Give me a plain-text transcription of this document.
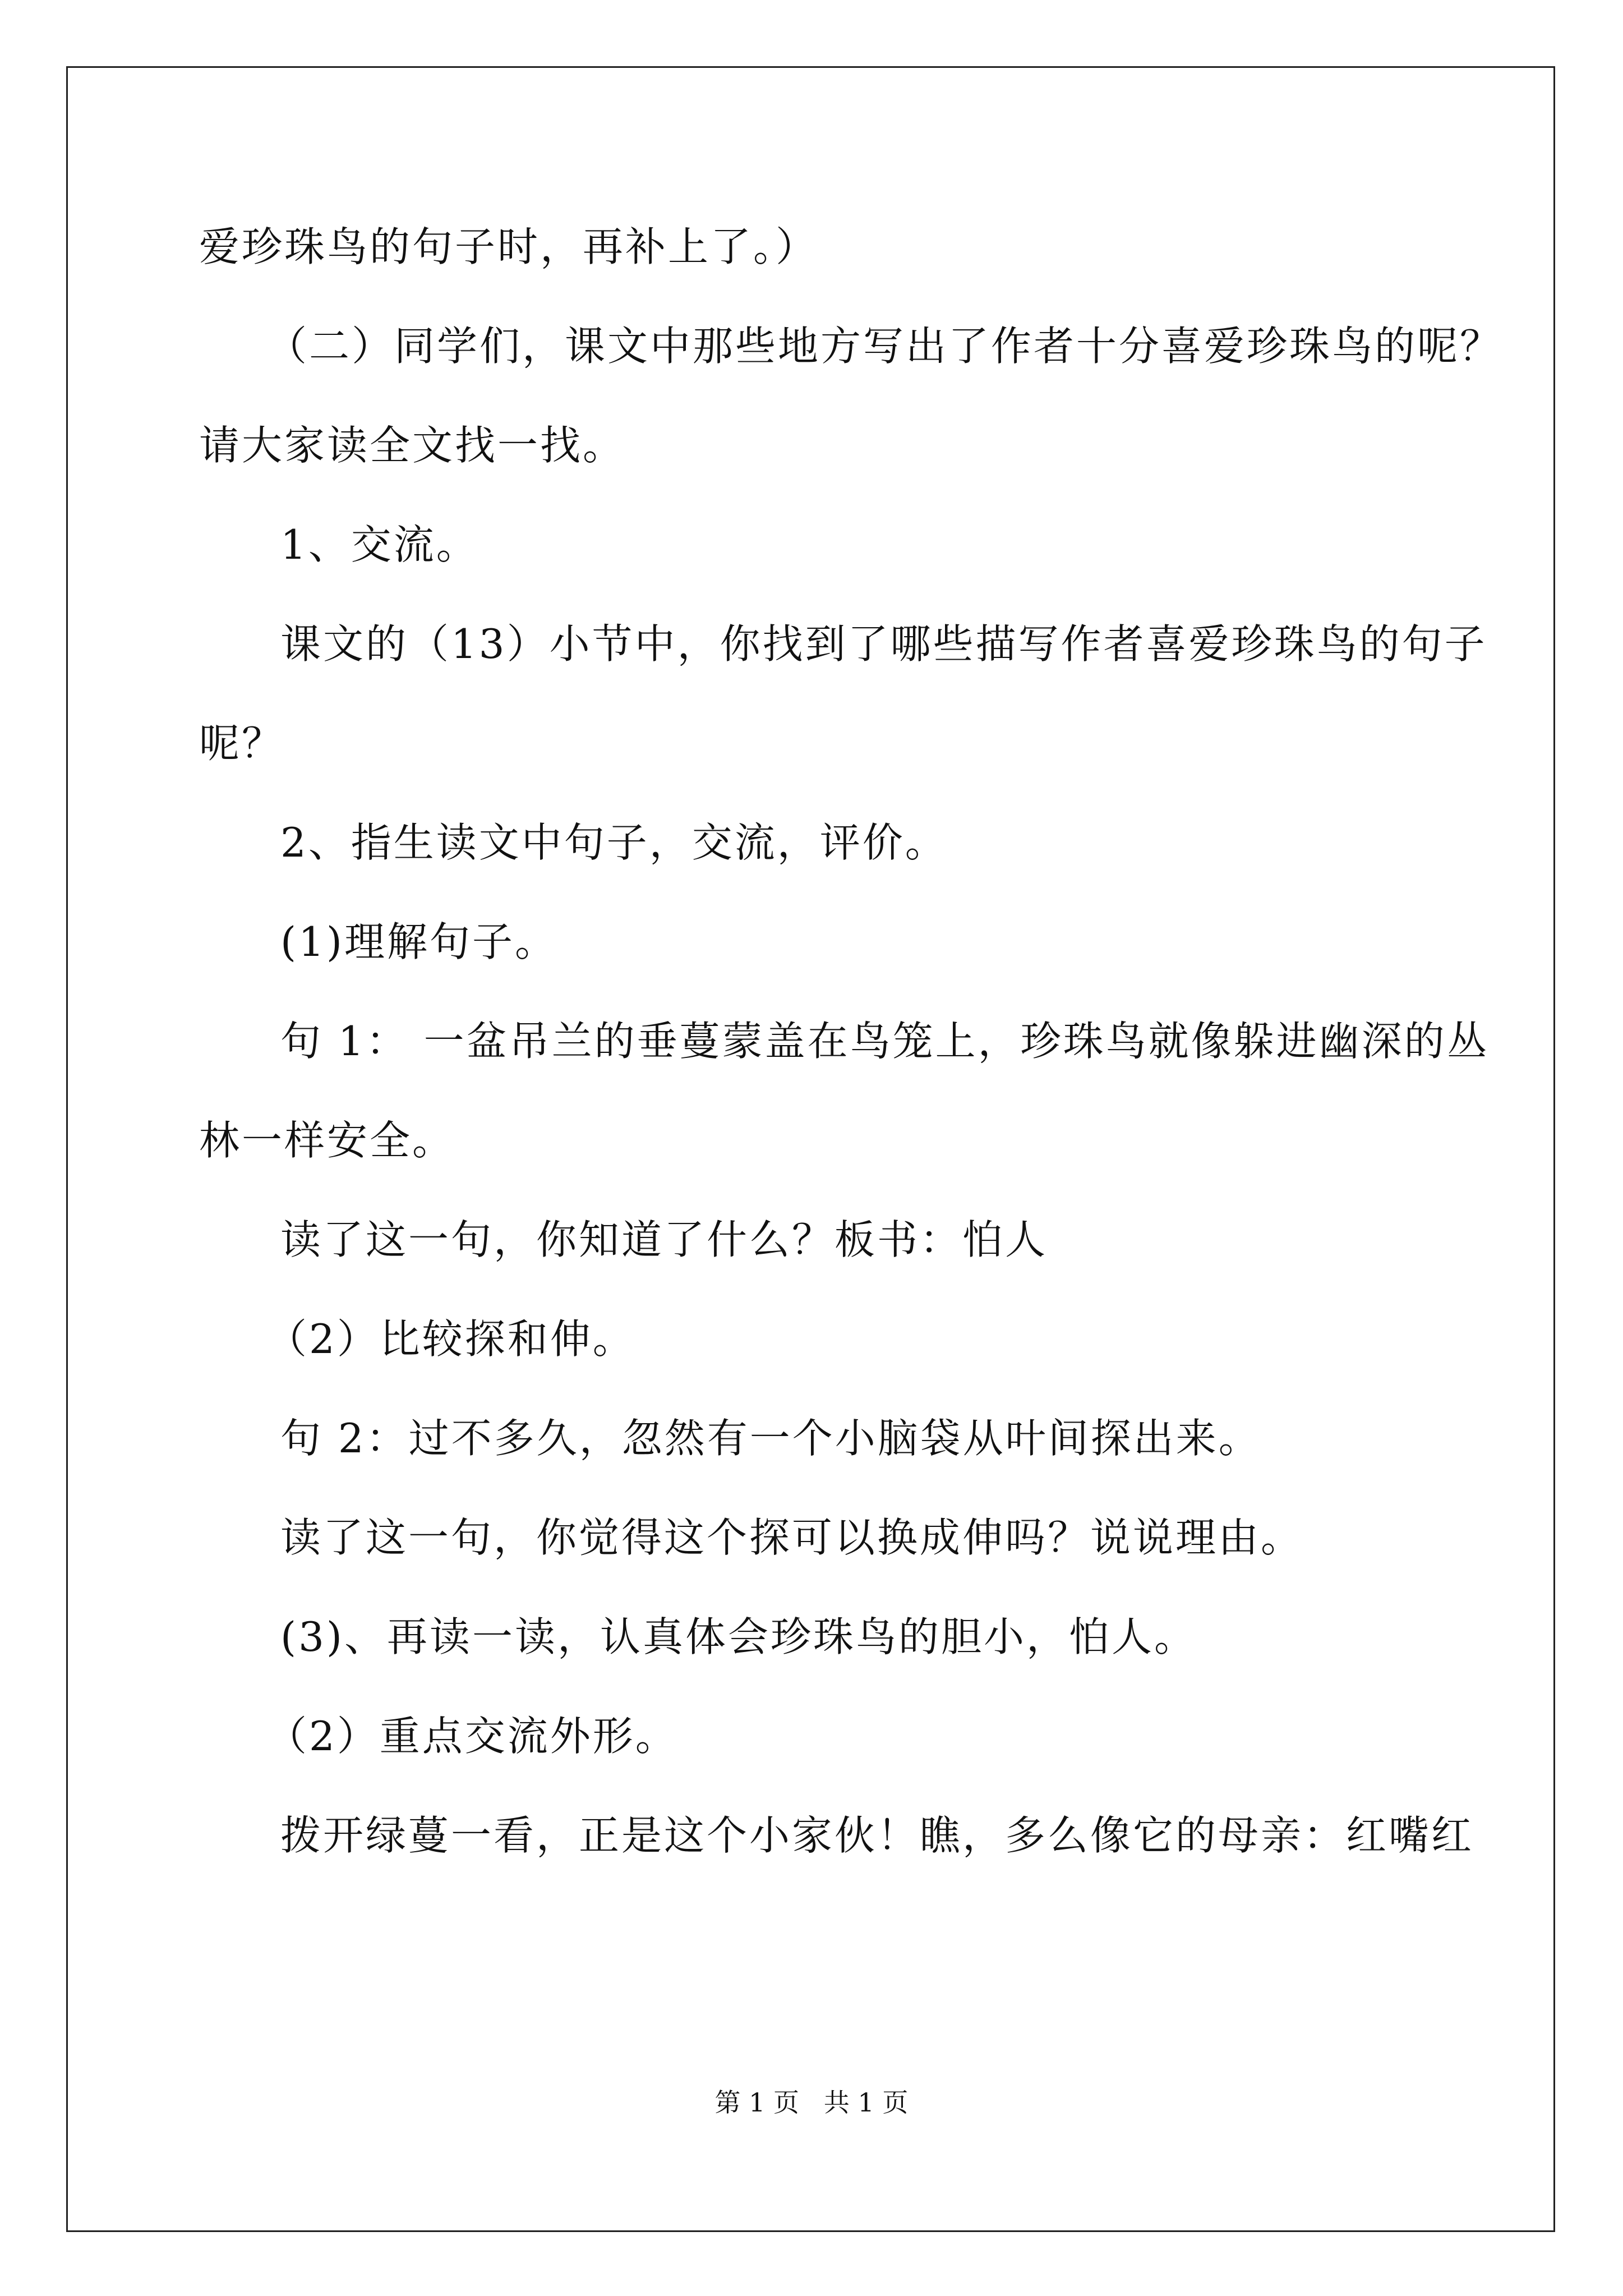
爱珍珠鸟的句子时，再补上了。）
（二）同学们，课文中那些地方写出了作者十分喜爱珍珠鸟的呢？
请大家读全文找一找。
1、交流。
课文的（13）小节中，你找到了哪些描写作者喜爱珍珠鸟的句子
呢？
2、指生读文中句子，交流，评价。
(1)理解句子。
句 1： 一盆吊兰的垂蔓蒙盖在鸟笼上，珍珠鸟就像躲进幽深的丛
林一样安全。
读了这一句，你知道了什么？板书：怕人
（2）比较探和伸。
句 2：过不多久，忽然有一个小脑袋从叶间探出来。
读了这一句，你觉得这个探可以换成伸吗？说说理由。
(3)、再读一读，认真体会珍珠鸟的胆小，怕人。
（2）重点交流外形。
拨开绿蔓一看，正是这个小家伙！瞧，多么像它的母亲：红嘴红
第 1 页   共 1 页
